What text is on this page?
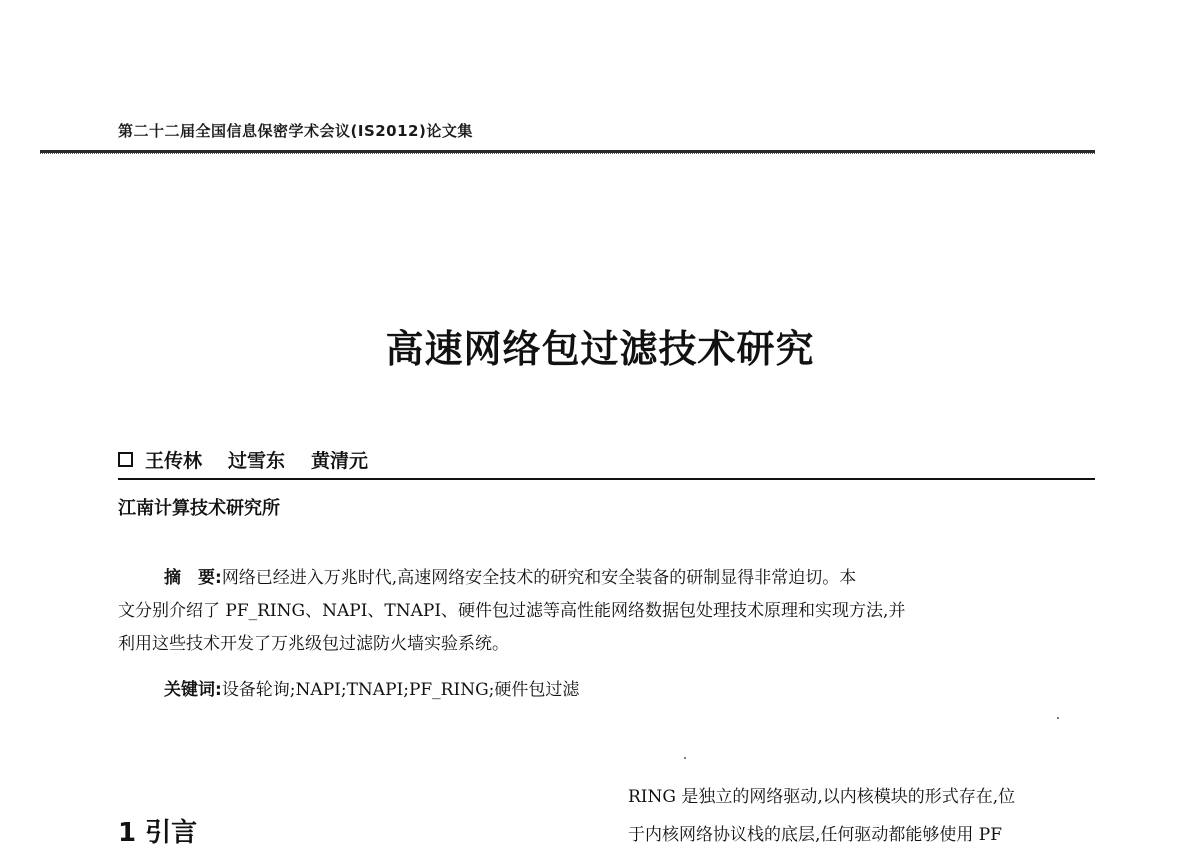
第二十二届全国信息保密学术会议(IS2012)论文集
高速网络包过滤技术研究
王传林 过雪东 黄清元
江南计算技术研究所
摘　要:网络已经进入万兆时代,高速网络安全技术的研究和安全装备的研制显得非常迫切。本
文分别介绍了 PF_RING、NAPI、TNAPI、硬件包过滤等高性能网络数据包处理技术原理和实现方法,并
利用这些技术开发了万兆级包过滤防火墙实验系统。
关键词:设备轮询;NAPI;TNAPI;PF_RING;硬件包过滤
1 引言
RING 是独立的网络驱动,以内核模块的形式存在,位
于内核网络协议栈的底层,任何驱动都能够使用 PF
